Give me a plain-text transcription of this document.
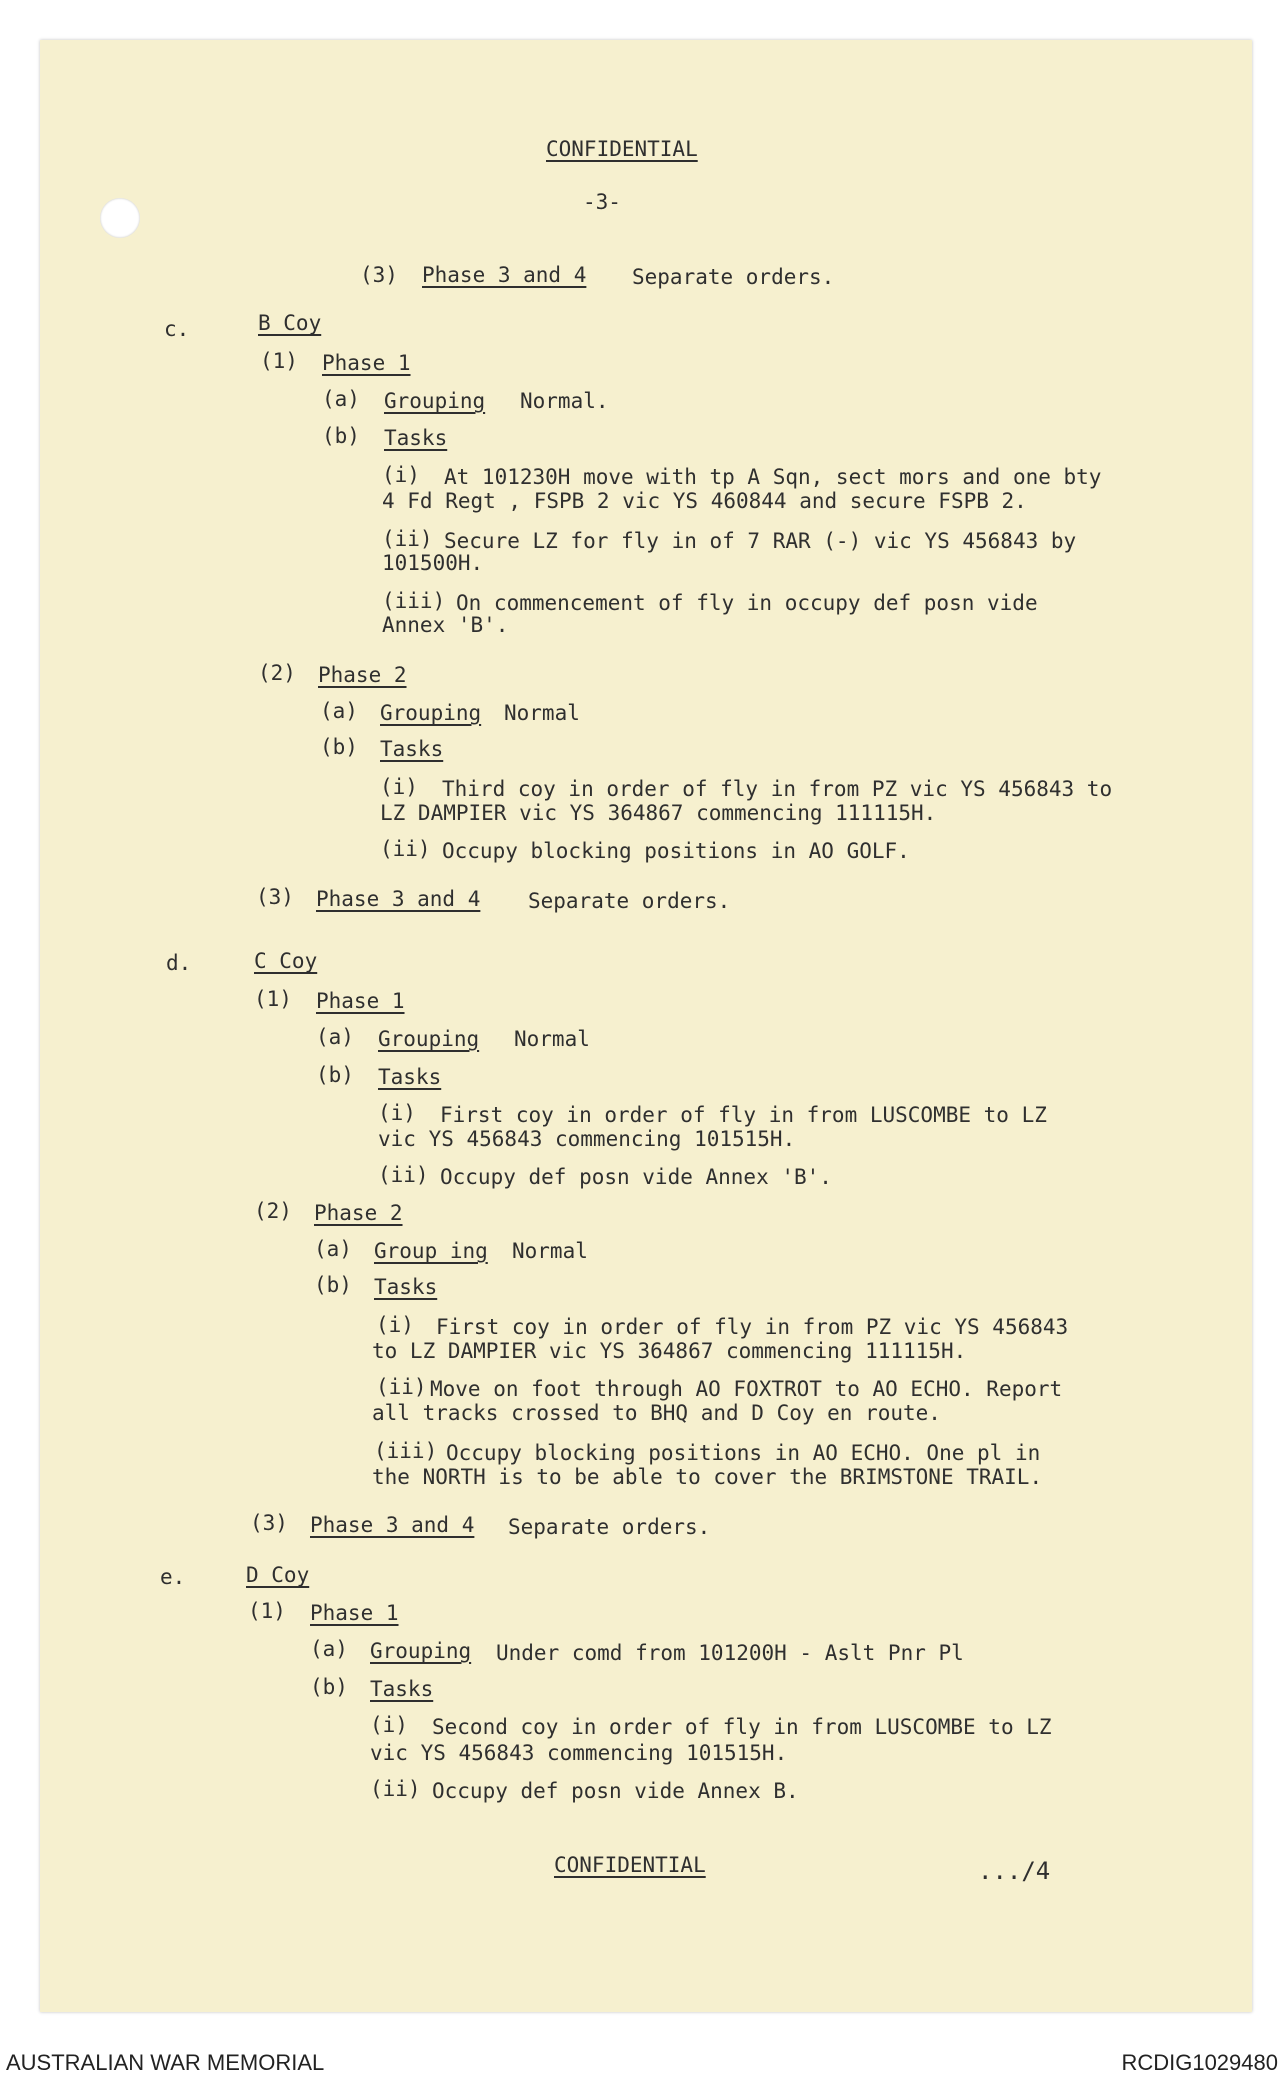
CONFIDENTIAL
-3-
(3) Phase 3 and 4 Separate orders.
c.	B Coy
(1) Phase 1
(a) Grouping Normal.
(b) Tasks
(i) At 101230H move with tp A Sqn, sect mors and one bty
4 Fd Regt , FSPB 2 vic YS 460844 and secure FSPB 2.
(ii) Secure LZ for fly in of 7 RAR (-) vic YS 456843 by
101500H.
(iii) On commencement of fly in occupy def posn vide
Annex 'B'.
(2) Phase 2
(a) Grouping Normal
(b) Tasks
(i) Third coy in order of fly in from PZ vic YS 456843 to
LZ DAMPIER vic YS 364867 commencing 111115H.
(ii) Occupy blocking positions in AO GOLF.
(3) Phase 3 and 4 Separate orders.
d.	C Coy
(1) Phase 1
(a) Grouping Normal
(b) Tasks
(i) First coy in order of fly in from LUSCOMBE to LZ
vic YS 456843 commencing 101515H.
(ii) Occupy def posn vide Annex 'B'.
(2) Phase 2
(a) Group ing Normal
(b) Tasks
(i) First coy in order of fly in from PZ vic YS 456843
to LZ DAMPIER vic YS 364867 commencing 111115H.
(ii) Move on foot through AO FOXTROT to AO ECHO. Report
all tracks crossed to BHQ and D Coy en route.
(iii) Occupy blocking positions in AO ECHO. One pl in
the NORTH is to be able to cover the BRIMSTONE TRAIL.
(3) Phase 3 and 4 Separate orders.
e.	D Coy
(1) Phase 1
(a) Grouping Under comd from 101200H - Aslt Pnr Pl
(b) Tasks
(i) Second coy in order of fly in from LUSCOMBE to LZ
vic YS 456843 commencing 101515H.
(ii) Occupy def posn vide Annex B.
CONFIDENTIAL	.../4
AUSTRALIAN WAR MEMORIAL	RCDIG1029480
